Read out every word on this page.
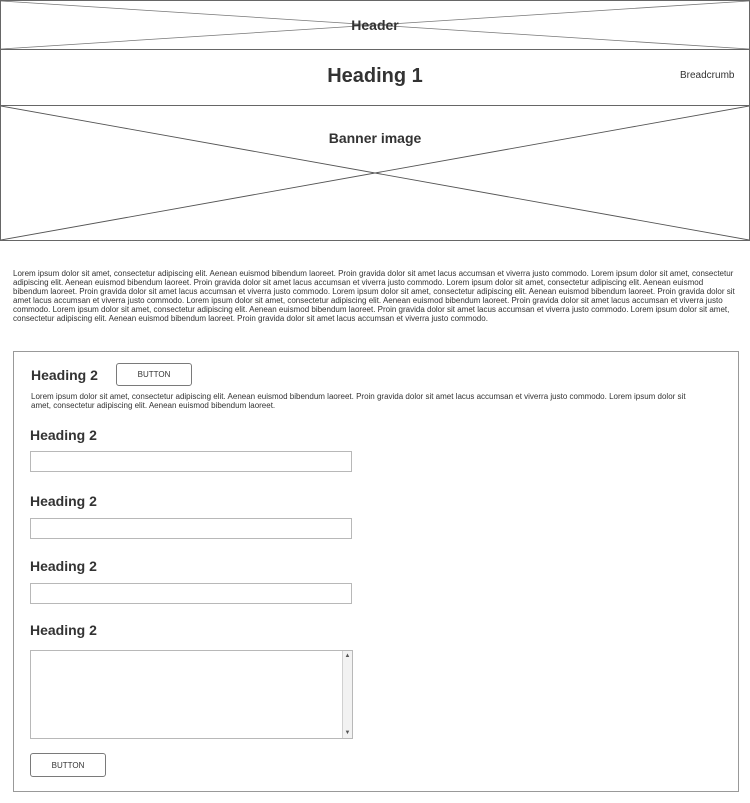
Header
Heading 1	Breadcrumb
Banner image

Lorem ipsum dolor sit amet, consectetur adipiscing elit. Aenean euismod bibendum laoreet. Proin gravida dolor sit amet lacus accumsan et viverra justo commodo. Lorem ipsum dolor sit amet, consectetur adipiscing elit. Aenean euismod bibendum laoreet. Proin gravida dolor sit amet lacus accumsan et viverra justo commodo. Lorem ipsum dolor sit amet, consectetur adipiscing elit. Aenean euismod bibendum laoreet. Proin gravida dolor sit amet lacus accumsan et viverra justo commodo. Lorem ipsum dolor sit amet, consectetur adipiscing elit. Aenean euismod bibendum laoreet. Proin gravida dolor sit amet lacus accumsan et viverra justo commodo. Lorem ipsum dolor sit amet, consectetur adipiscing elit. Aenean euismod bibendum laoreet. Proin gravida dolor sit amet lacus accumsan et viverra justo commodo. Lorem ipsum dolor sit amet, consectetur adipiscing elit. Aenean euismod bibendum laoreet. Proin gravida dolor sit amet lacus accumsan et viverra justo commodo. Lorem ipsum dolor sit amet, consectetur adipiscing elit. Aenean euismod bibendum laoreet. Proin gravida dolor sit amet lacus accumsan et viverra justo commodo.

Heading 2	BUTTON

Lorem ipsum dolor sit amet, consectetur adipiscing elit. Aenean euismod bibendum laoreet. Proin gravida dolor sit amet lacus accumsan et viverra justo commodo. Lorem ipsum dolor sit amet, consectetur adipiscing elit. Aenean euismod bibendum laoreet.

Heading 2
Heading 2
Heading 2
Heading 2
▲
▼
BUTTON
